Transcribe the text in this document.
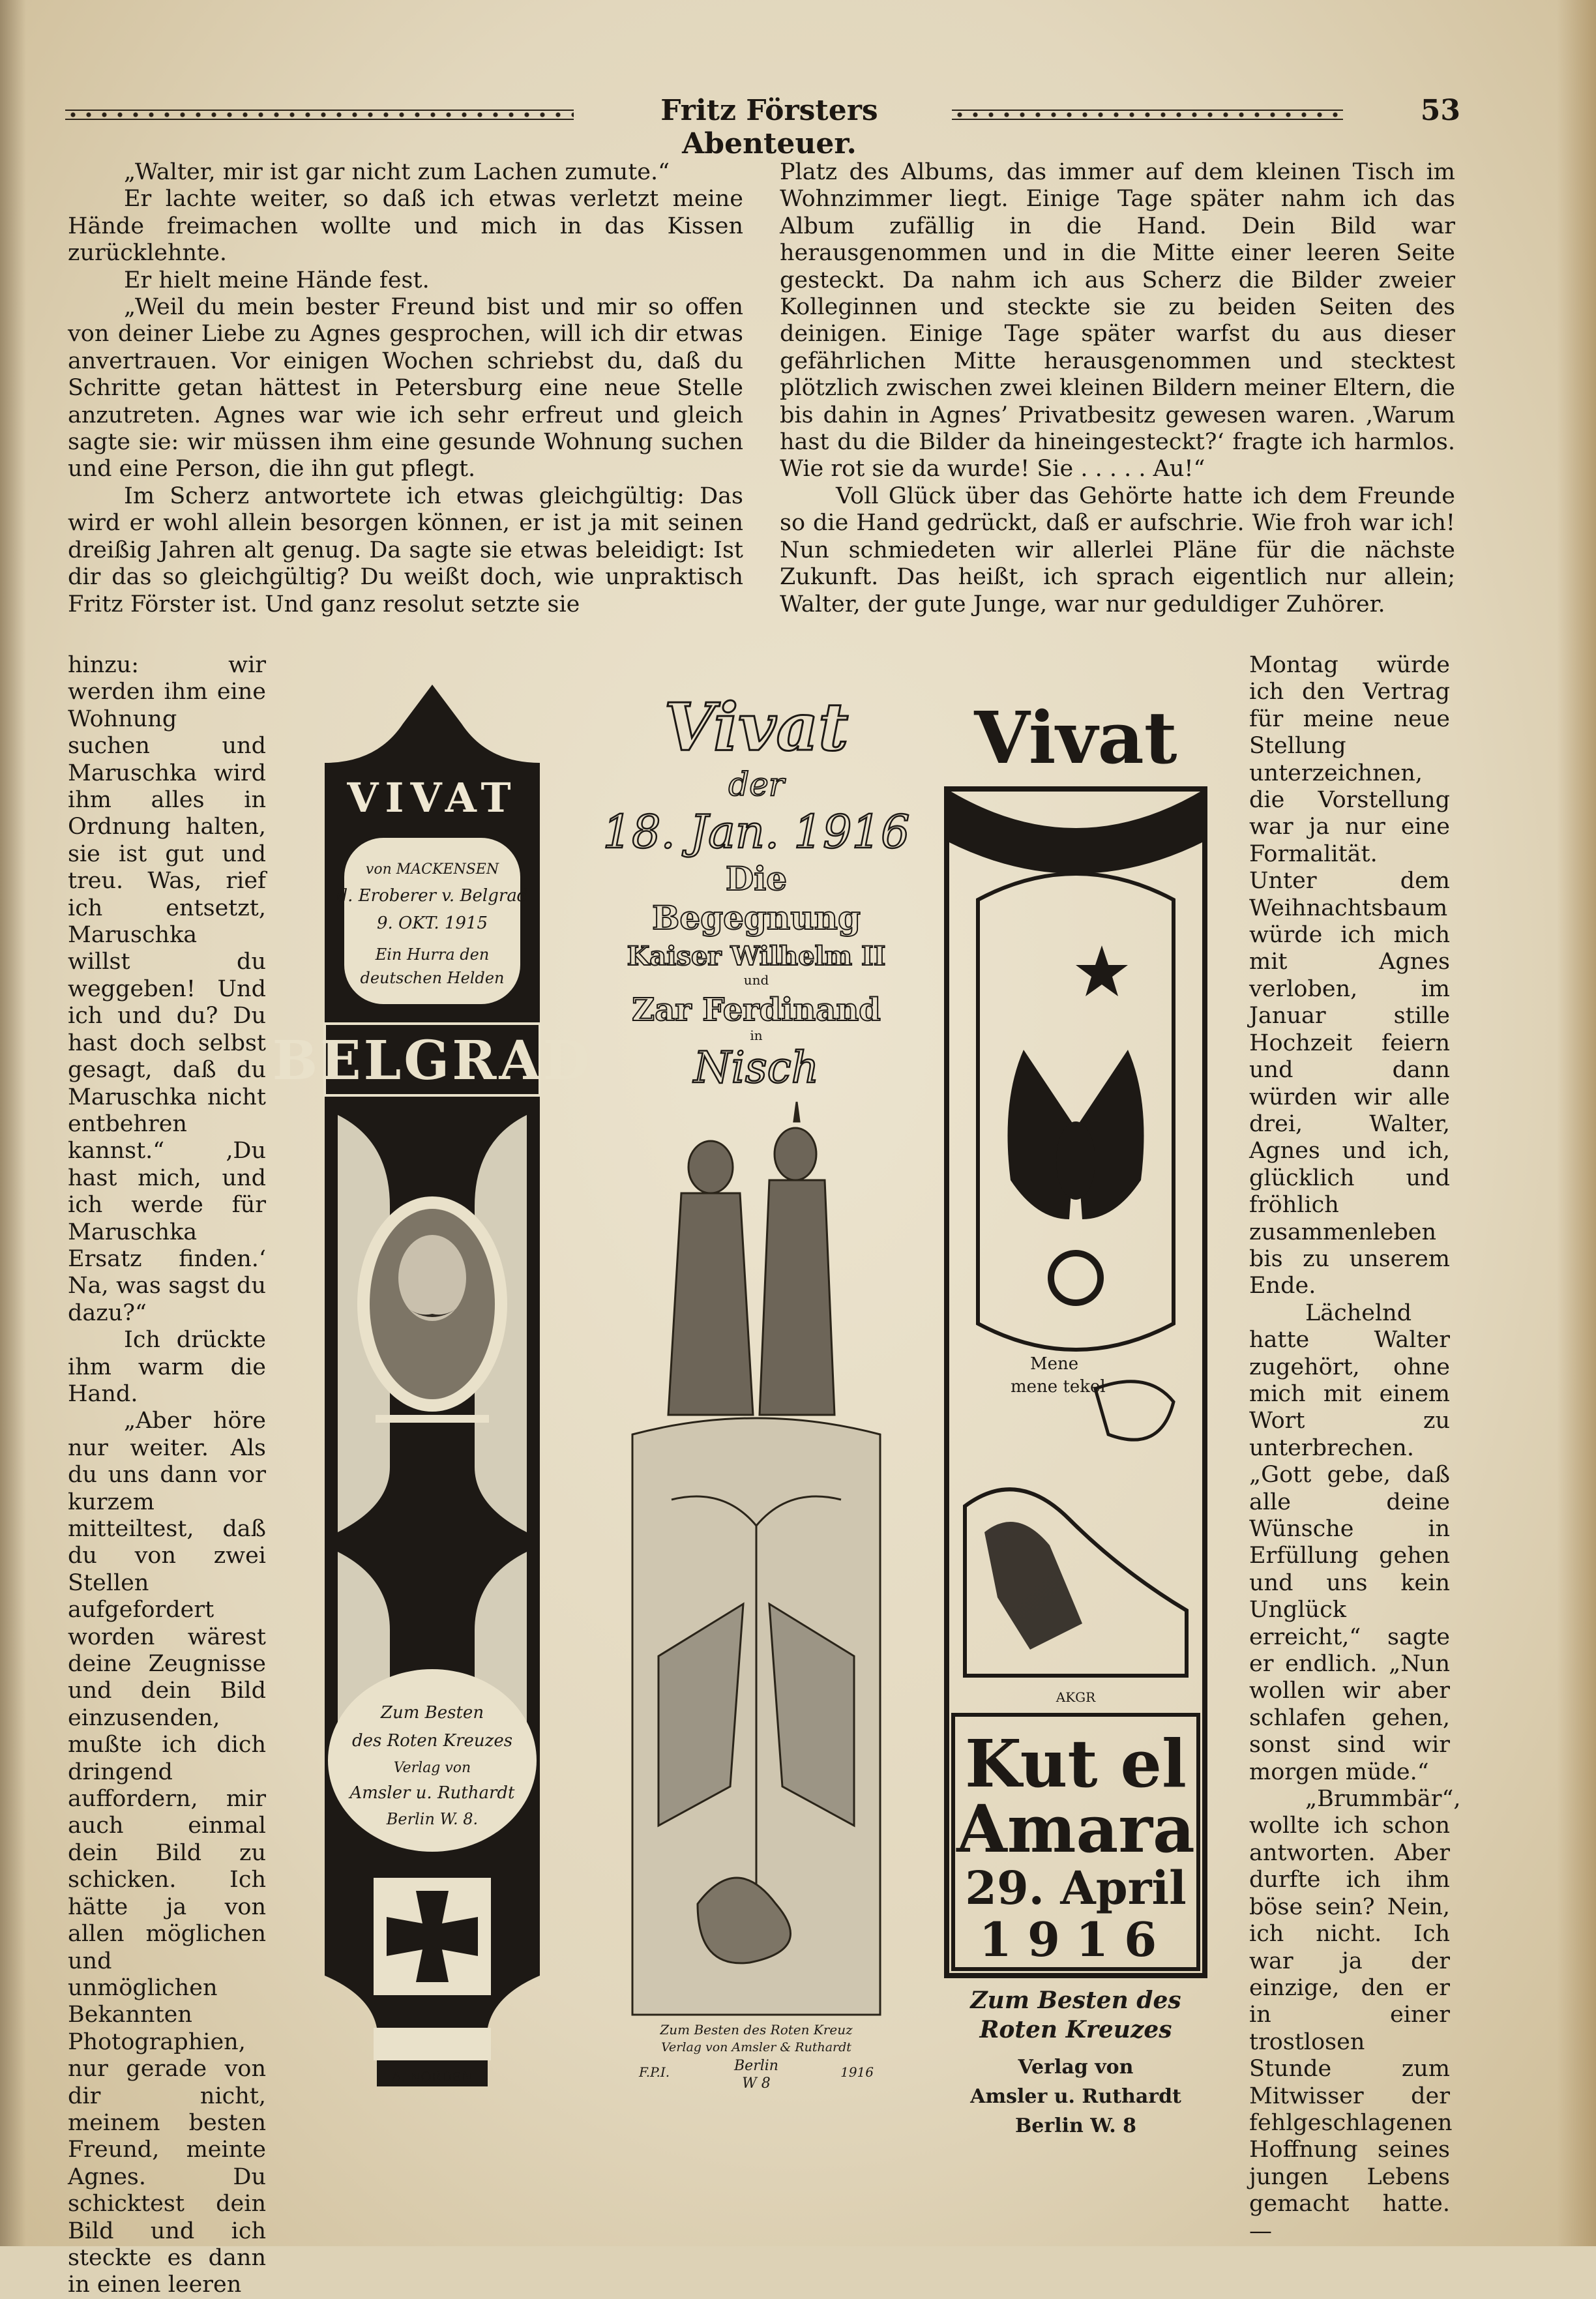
Fritz Försters Abenteuer.
53

„Walter, mir ist gar nicht zum Lachen zumute.“

Er lachte weiter, so daß ich etwas verletzt meine Hände freimachen wollte und mich in das Kissen zurücklehnte.

Er hielt meine Hände fest.

„Weil du mein bester Freund bist und mir so offen von deiner Liebe zu Agnes gesprochen, will ich dir etwas anvertrauen. Vor einigen Wochen schriebst du, daß du Schritte getan hättest in Petersburg eine neue Stelle anzutreten. Agnes war wie ich sehr erfreut und gleich sagte sie: wir müssen ihm eine gesunde Wohnung suchen und eine Person, die ihn gut pflegt.

Im Scherz antwortete ich etwas gleichgültig: Das wird er wohl allein besorgen können, er ist ja mit seinen dreißig Jahren alt genug. Da sagte sie etwas beleidigt: Ist dir das so gleichgültig? Du weißt doch, wie unpraktisch Fritz Förster ist. Und ganz resolut setzte sie

Platz des Albums, das immer auf dem kleinen Tisch im Wohnzimmer liegt. Einige Tage später nahm ich das Album zufällig in die Hand. Dein Bild war herausgenommen und in die Mitte einer leeren Seite gesteckt. Da nahm ich aus Scherz die Bilder zweier Kolleginnen und steckte sie zu beiden Seiten des deinigen. Einige Tage später warfst du aus dieser gefährlichen Mitte herausgenommen und stecktest plötzlich zwischen zwei kleinen Bildern meiner Eltern, die bis dahin in Agnes’ Privatbesitz gewesen waren. ‚Warum hast du die Bilder da hineingesteckt?‘ fragte ich harmlos. Wie rot sie da wurde! Sie . . . . . Au!“

Voll Glück über das Gehörte hatte ich dem Freunde so die Hand gedrückt, daß er aufschrie. Wie froh war ich! Nun schmiedeten wir allerlei Pläne für die nächste Zukunft. Das heißt, ich sprach eigentlich nur allein; Walter, der gute Junge, war nur geduldiger Zuhörer.

hinzu: wir werden ihm eine Wohnung suchen und Maruschka wird ihm alles in Ordnung halten, sie ist gut und treu. Was, rief ich entsetzt, Maruschka willst du weggeben! Und ich und du? Du hast doch selbst gesagt, daß du Maruschka nicht entbehren kannst.“ ‚Du hast mich, und ich werde für Maruschka Ersatz finden.‘ Na, was sagst du dazu?“

Ich drückte ihm warm die Hand.

„Aber höre nur weiter. Als du uns dann vor kurzem mitteiltest, daß du von zwei Stellen aufgefordert worden wärest deine Zeugnisse und dein Bild einzusenden, mußte ich dich dringend auffordern, mir auch einmal dein Bild zu schicken. Ich hätte ja von allen möglichen und unmöglichen Bekannten Photographien, nur gerade von dir nicht, meinem besten Freund, meinte Agnes. Du schicktest dein Bild und ich steckte es dann in einen leeren

Montag würde ich den Vertrag für meine neue Stellung unterzeichnen, die Vorstellung war ja nur eine Formalität. Unter dem Weihnachtsbaum würde ich mich mit Agnes verloben, im Januar stille Hochzeit feiern und dann würden wir alle drei, Walter, Agnes und ich, glücklich und fröhlich zusammenleben bis zu unserem Ende.

Lächelnd hatte Walter zugehört, ohne mich mit einem Wort zu unterbrechen. „Gott gebe, daß alle deine Wünsche in Erfüllung gehen und uns kein Unglück erreicht,“ sagte er endlich. „Nun wollen wir aber schlafen gehen, sonst sind wir morgen müde.“

„Brummbär“, wollte ich schon antworten. Aber durfte ich ihm böse sein? Nein, ich nicht. Ich war ja der einzige, den er in einer trostlosen Stunde zum Mitwisser der fehlgeschlagenen Hoffnung seines jungen Lebens gemacht hatte. —

VIVAT
von MACKENSEN
d. Eroberer v. Belgrad
9. OKT. 1915
Ein Hurra den
deutschen Helden
BELGRAD
Zum Besten
des Roten Kreuzes
Verlag von
Amsler u. Ruthardt
Berlin W. 8.
A. NORDEN
Vivat
der
18. Jan. 1916
Die
Begegnung
Kaiser Wilhelm II
und
Zar Ferdinand
in
Nisch
Zum Besten des Roten Kreuz
Verlag von Amsler & Ruthardt
Berlin
W 8
F.P.I.	1916
Vivat
Mene
mene tekel
AKGR
Kut el
Amara
29. April
1916
Zum Besten des
Roten Kreuzes
Verlag von
Amsler u. Ruthardt
Berlin W. 8
